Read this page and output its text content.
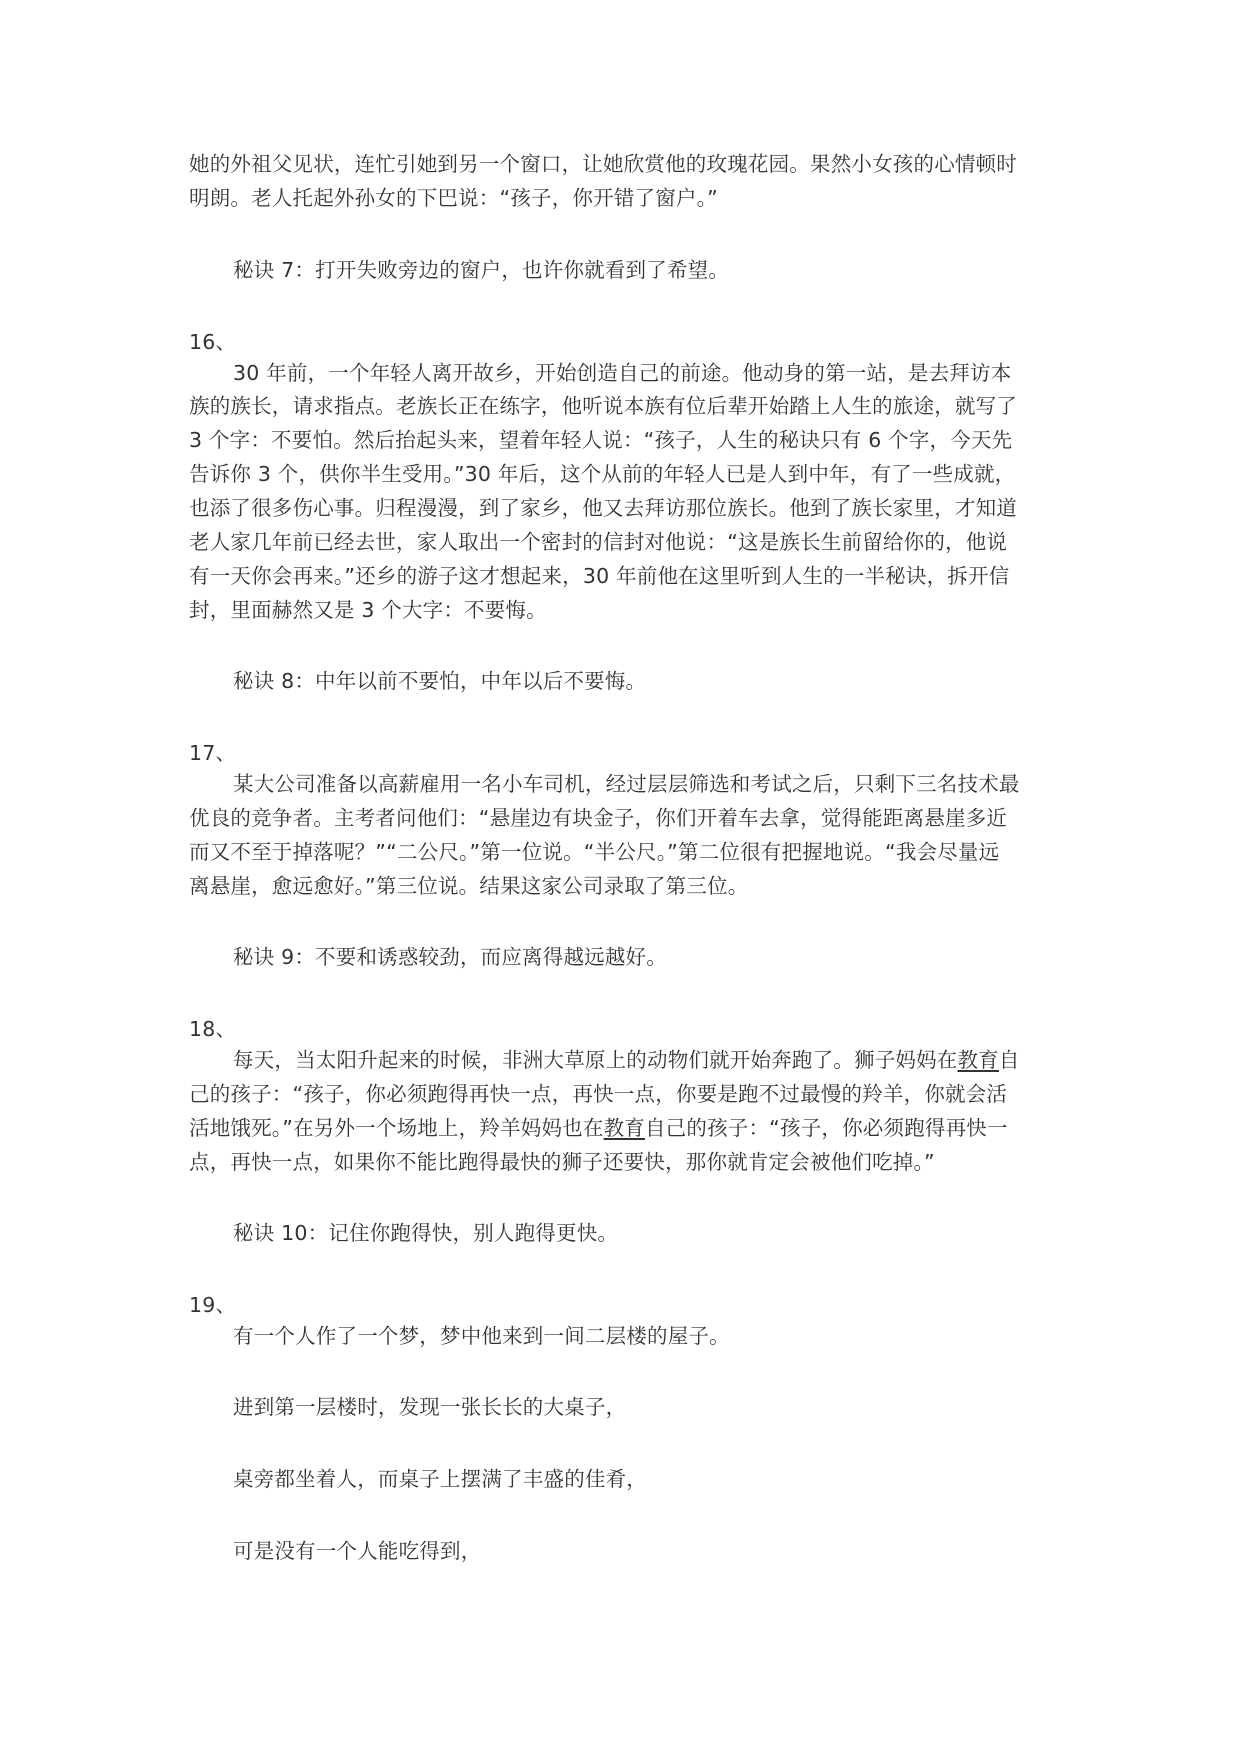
她的外祖父见状，连忙引她到另一个窗口，让她欣赏他的玫瑰花园。果然小女孩的心情顿时
明朗。老人托起外孙女的下巴说：“孩子，你开错了窗户。”
秘诀 7：打开失败旁边的窗户，也许你就看到了希望。
16、
30 年前，一个年轻人离开故乡，开始创造自己的前途。他动身的第一站，是去拜访本
族的族长，请求指点。老族长正在练字，他听说本族有位后辈开始踏上人生的旅途，就写了
3 个字：不要怕。然后抬起头来，望着年轻人说：“孩子，人生的秘诀只有 6 个字，今天先
告诉你 3 个，供你半生受用。”30 年后，这个从前的年轻人已是人到中年，有了一些成就，
也添了很多伤心事。归程漫漫，到了家乡，他又去拜访那位族长。他到了族长家里，才知道
老人家几年前已经去世，家人取出一个密封的信封对他说：“这是族长生前留给你的，他说
有一天你会再来。”还乡的游子这才想起来，30 年前他在这里听到人生的一半秘诀，拆开信
封，里面赫然又是 3 个大字：不要悔。
秘诀 8：中年以前不要怕，中年以后不要悔。
17、
某大公司准备以高薪雇用一名小车司机，经过层层筛选和考试之后，只剩下三名技术最
优良的竞争者。主考者问他们：“悬崖边有块金子，你们开着车去拿，觉得能距离悬崖多近
而又不至于掉落呢？”“二公尺。”第一位说。“半公尺。”第二位很有把握地说。“我会尽量远
离悬崖，愈远愈好。”第三位说。结果这家公司录取了第三位。
秘诀 9：不要和诱惑较劲，而应离得越远越好。
18、
每天，当太阳升起来的时候，非洲大草原上的动物们就开始奔跑了。狮子妈妈在教育自
己的孩子：“孩子，你必须跑得再快一点，再快一点，你要是跑不过最慢的羚羊，你就会活
活地饿死。”在另外一个场地上，羚羊妈妈也在教育自己的孩子：“孩子，你必须跑得再快一
点，再快一点，如果你不能比跑得最快的狮子还要快，那你就肯定会被他们吃掉。”
秘诀 10：记住你跑得快，别人跑得更快。
19、
有一个人作了一个梦，梦中他来到一间二层楼的屋子。
进到第一层楼时，发现一张长长的大桌子，
桌旁都坐着人，而桌子上摆满了丰盛的佳肴，
可是没有一个人能吃得到，
